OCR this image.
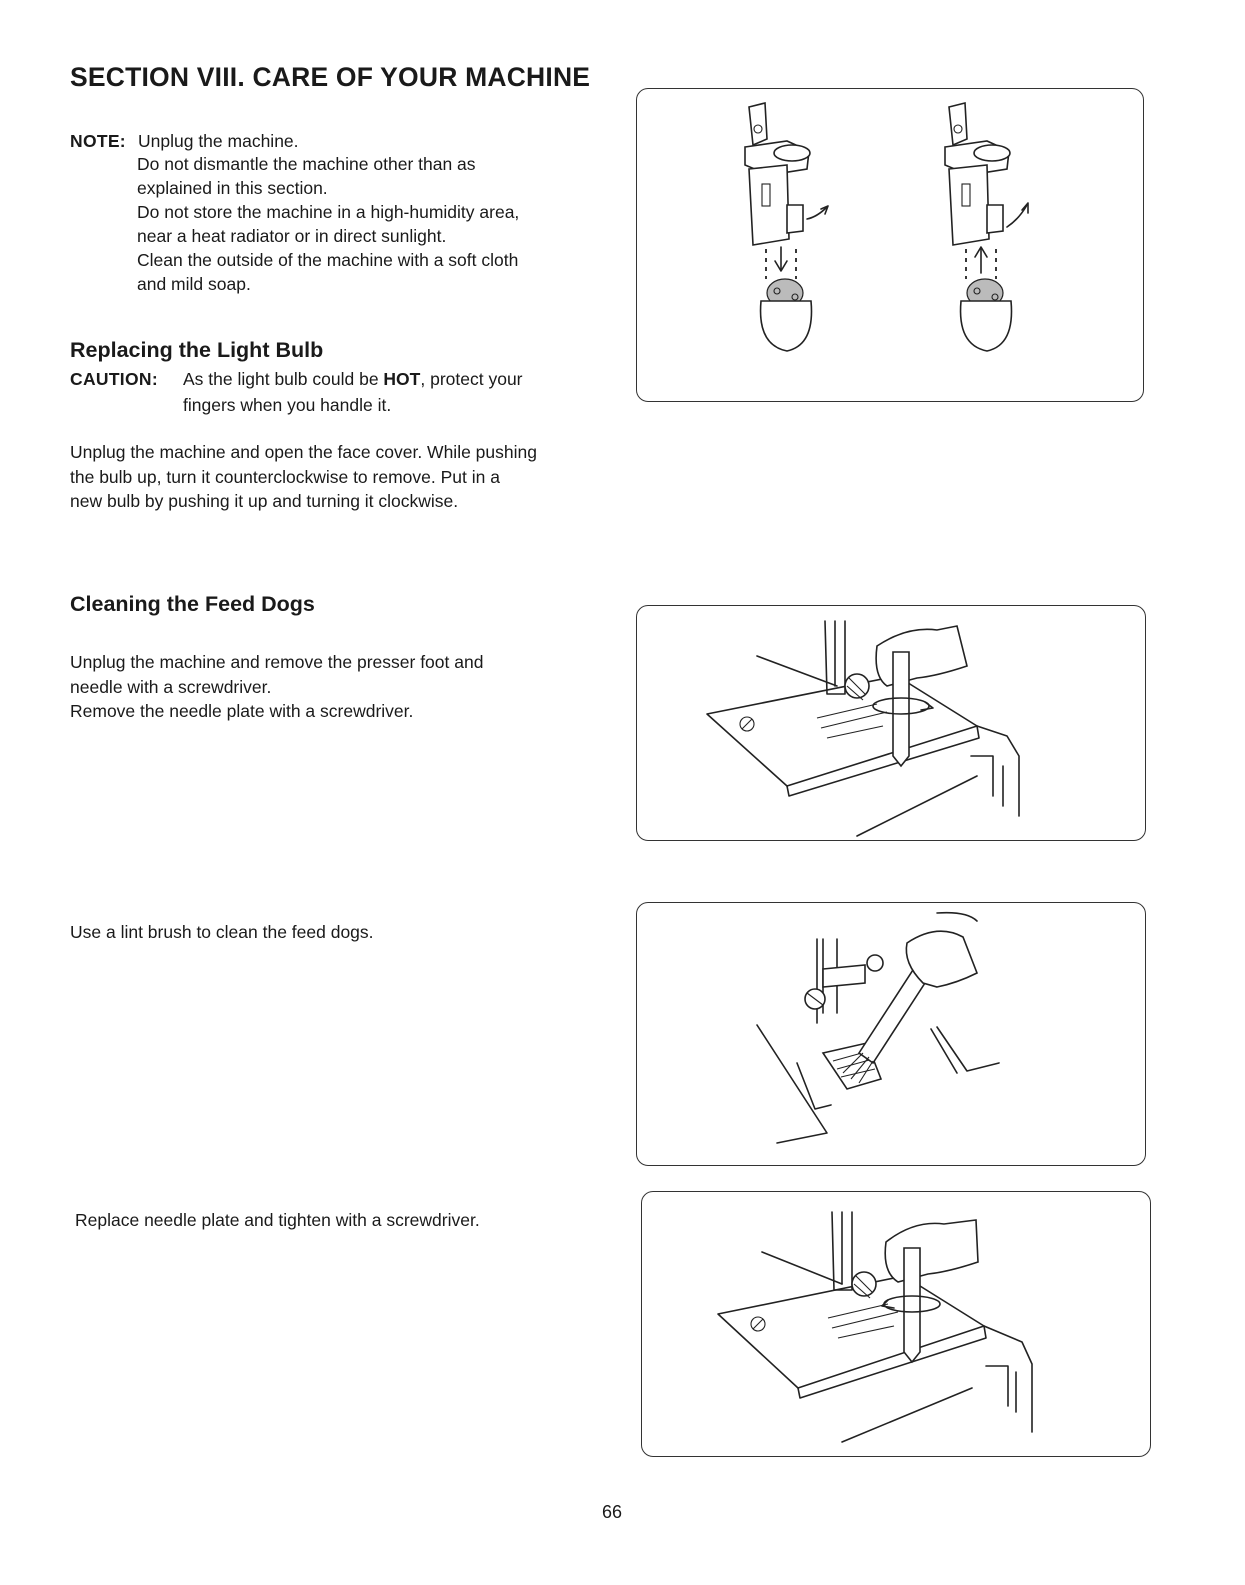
SECTION VIII. CARE OF YOUR MACHINE
NOTE: Unplug the machine.
Do not dismantle the machine other than as
explained in this section.
Do not store the machine in a high-humidity area,
near a heat radiator or in direct sunlight.
Clean the outside of the machine with a soft cloth
and mild soap.
Replacing the Light Bulb
CAUTION: As the light bulb could be HOT, protect your
fingers when you handle it.
Unplug the machine and open the face cover. While pushing
the bulb up, turn it counterclockwise to remove. Put in a
new bulb by pushing it up and turning it clockwise.
Cleaning the Feed Dogs
Unplug the machine and remove the presser foot and
needle with a screwdriver.
Remove the needle plate with a screwdriver.
Use a lint brush to clean the feed dogs.
Replace needle plate and tighten with a screwdriver.
66
